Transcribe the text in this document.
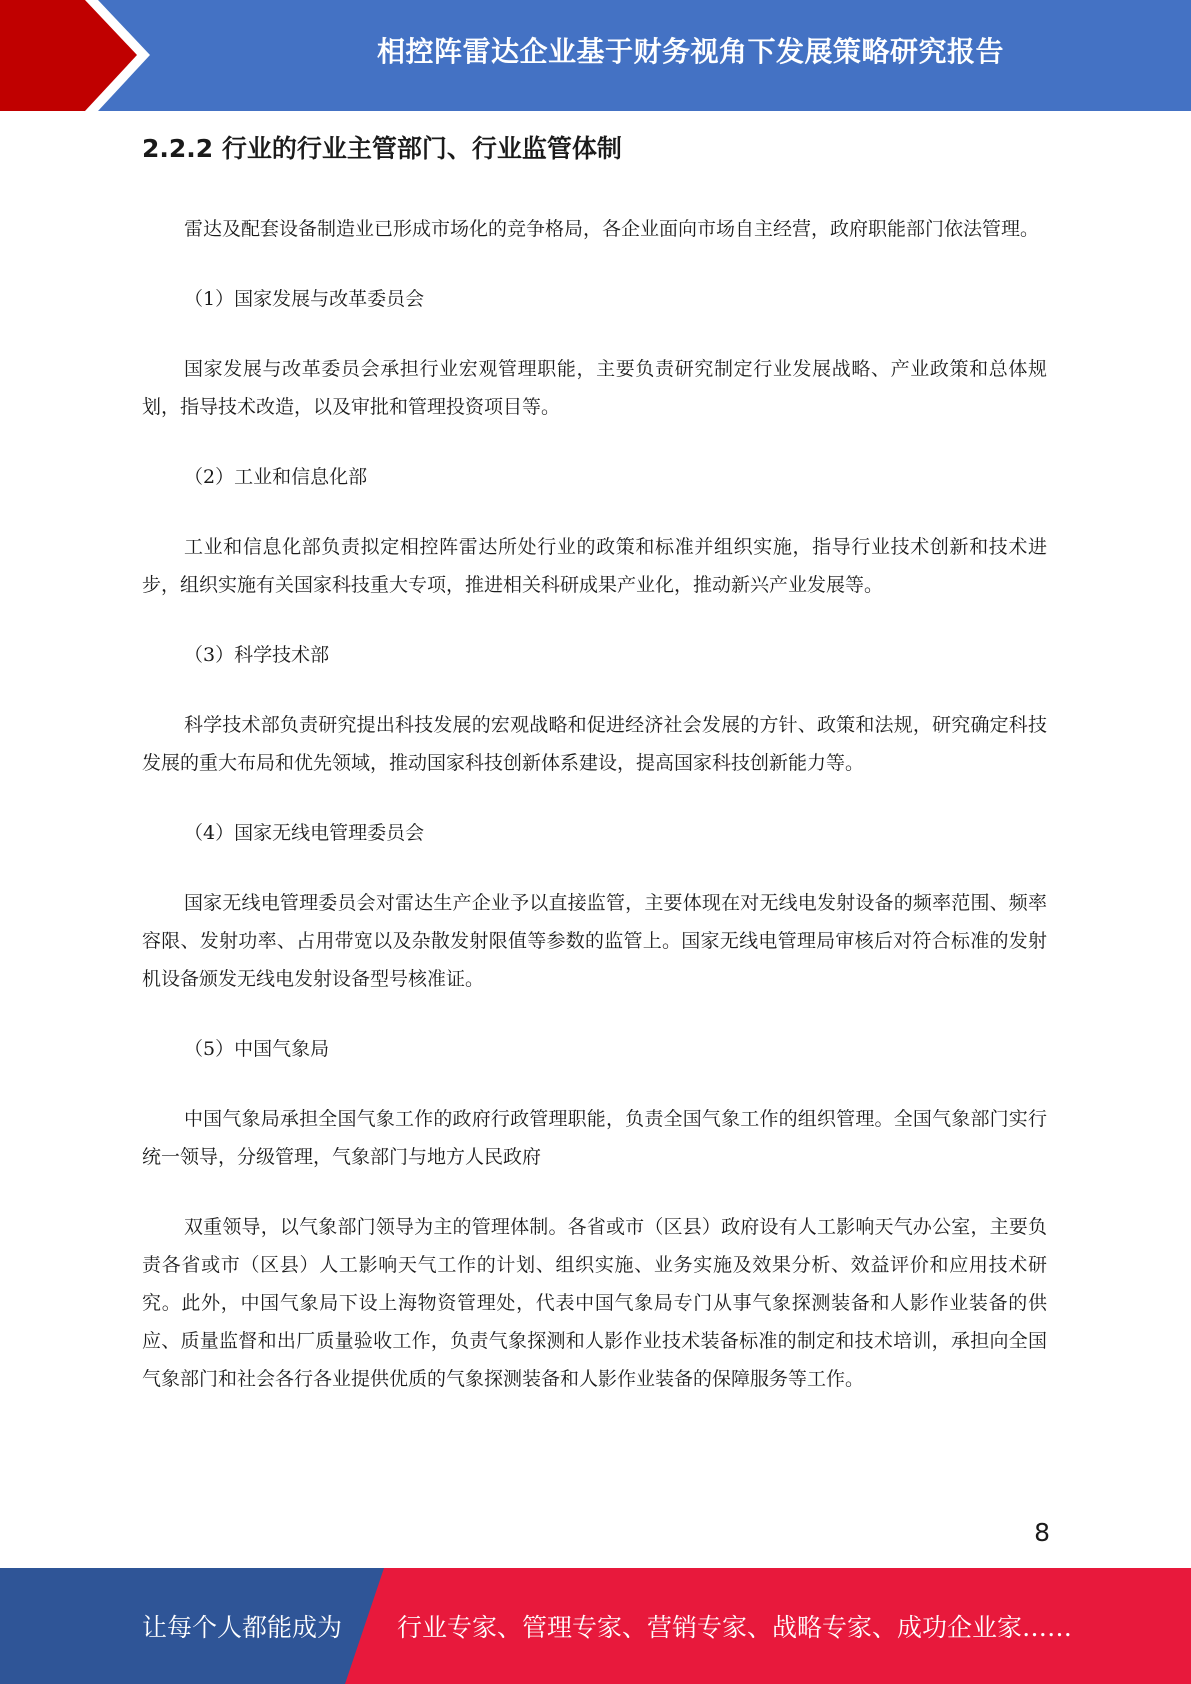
相控阵雷达企业基于财务视角下发展策略研究报告
2.2.2 行业的行业主管部门、行业监管体制

雷达及配套设备制造业已形成市场化的竞争格局，各企业面向市场自主经营，政府职能部门依法管理。

（1）国家发展与改革委员会

国家发展与改革委员会承担行业宏观管理职能，主要负责研究制定行业发展战略、产业政策和总体规划，指导技术改造，以及审批和管理投资项目等。

（2）工业和信息化部

工业和信息化部负责拟定相控阵雷达所处行业的政策和标准并组织实施，指导行业技术创新和技术进步，组织实施有关国家科技重大专项，推进相关科研成果产业化，推动新兴产业发展等。

（3）科学技术部

科学技术部负责研究提出科技发展的宏观战略和促进经济社会发展的方针、政策和法规，研究确定科技发展的重大布局和优先领域，推动国家科技创新体系建设，提高国家科技创新能力等。

（4）国家无线电管理委员会

国家无线电管理委员会对雷达生产企业予以直接监管，主要体现在对无线电发射设备的频率范围、频率容限、发射功率、占用带宽以及杂散发射限值等参数的监管上。国家无线电管理局审核后对符合标准的发射机设备颁发无线电发射设备型号核准证。

（5）中国气象局

中国气象局承担全国气象工作的政府行政管理职能，负责全国气象工作的组织管理。全国气象部门实行统一领导，分级管理，气象部门与地方人民政府

双重领导，以气象部门领导为主的管理体制。各省或市（区县）政府设有人工影响天气办公室，主要负责各省或市（区县）人工影响天气工作的计划、组织实施、业务实施及效果分析、效益评价和应用技术研究。此外，中国气象局下设上海物资管理处，代表中国气象局专门从事气象探测装备和人影作业装备的供应、质量监督和出厂质量验收工作，负责气象探测和人影作业技术装备标准的制定和技术培训，承担向全国气象部门和社会各行各业提供优质的气象探测装备和人影作业装备的保障服务等工作。

8
让每个人都能成为 行业专家、管理专家、营销专家、战略专家、成功企业家……
